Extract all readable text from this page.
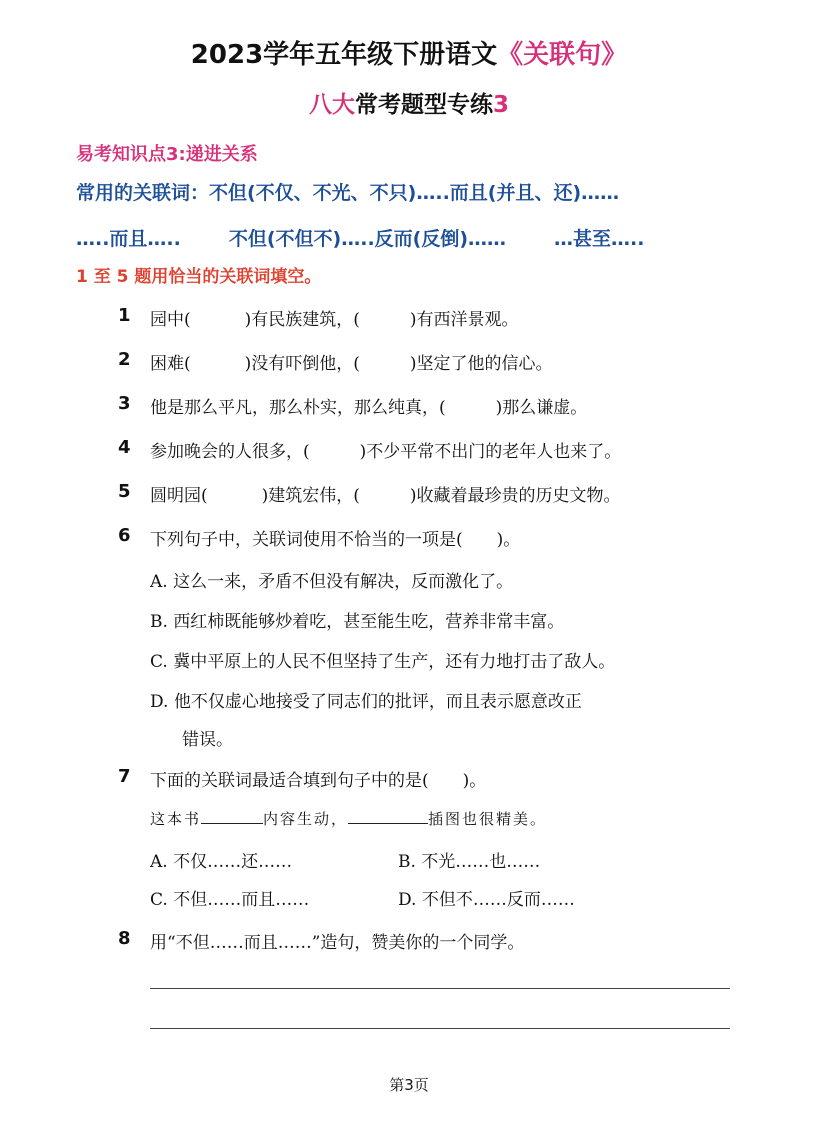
2023学年五年级下册语文《关联句》
八大常考题型专练3
易考知识点3:递进关系
常用的关联词：不但(不仅、不光、不只)…..而且(并且、还)……
…..而且…..	不但(不但不)…..反而(反倒)……	…甚至…..
1 至 5 题用恰当的关联词填空。
1 园中(	)有民族建筑，(	)有西洋景观。
2 困难(	)没有吓倒他，(	)坚定了他的信心。
3 他是那么平凡，那么朴实，那么纯真，(	)那么谦虚。
4 参加晚会的人很多，(	)不少平常不出门的老年人也来了。
5 圆明园(	)建筑宏伟，(	)收藏着最珍贵的历史文物。
6 下列句子中，关联词使用不恰当的一项是(　　)。
A. 这么一来，矛盾不但没有解决，反而激化了。
B. 西红柿既能够炒着吃，甚至能生吃，营养非常丰富。
C. 冀中平原上的人民不但坚持了生产，还有力地打击了敌人。
D. 他不仅虚心地接受了同志们的批评，而且表示愿意改正
错误。
7 下面的关联词最适合填到句子中的是(　　)。
这本书	内容生动，	插图也很精美。
A. 不仅……还……	B. 不光……也……
C. 不但……而且……	D. 不但不……反而……
8 用“不但……而且……”造句，赞美你的一个同学。
第3页
